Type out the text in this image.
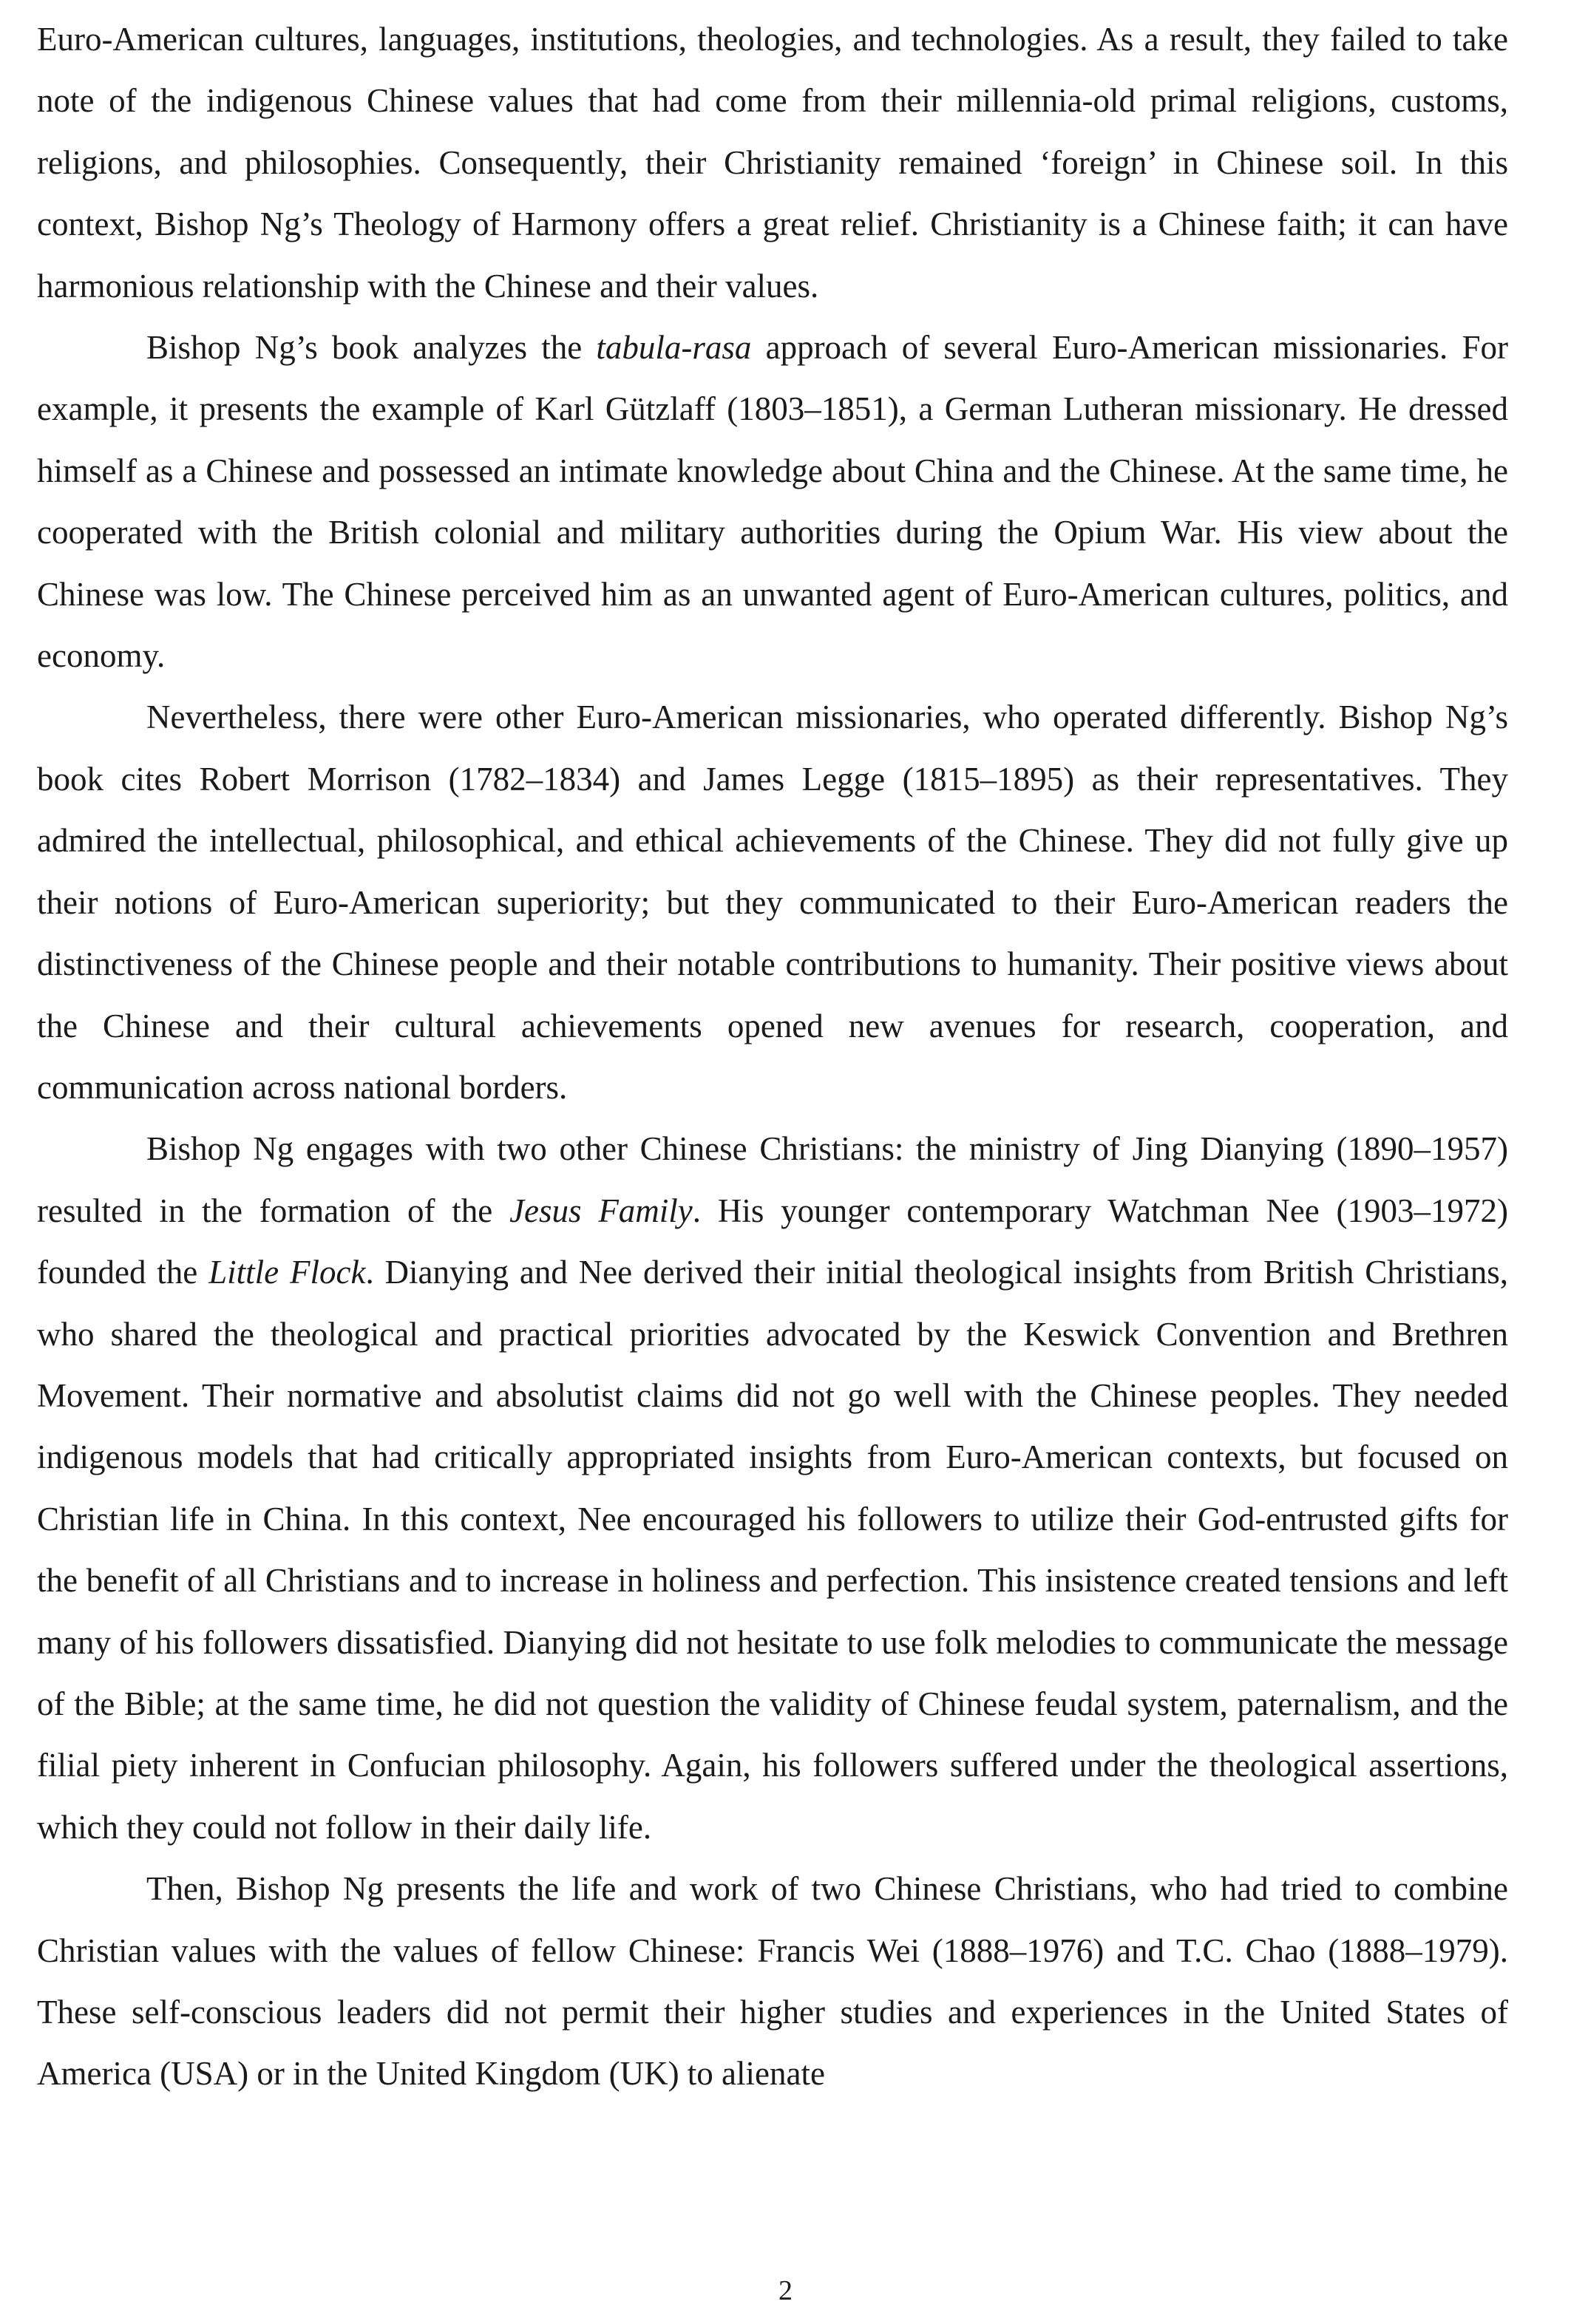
Euro-American cultures, languages, institutions, theologies, and technologies. As a result, they failed to take note of the indigenous Chinese values that had come from their millennia-old primal religions, customs, religions, and philosophies. Consequently, their Christianity remained ‘foreign’ in Chinese soil. In this context, Bishop Ng’s Theology of Harmony offers a great relief. Christianity is a Chinese faith; it can have harmonious relationship with the Chinese and their values.

Bishop Ng’s book analyzes the tabula-rasa approach of several Euro-American missionaries. For example, it presents the example of Karl Gützlaff (1803–1851), a German Lutheran missionary. He dressed himself as a Chinese and possessed an intimate knowledge about China and the Chinese. At the same time, he cooperated with the British colonial and military authorities during the Opium War. His view about the Chinese was low. The Chinese perceived him as an unwanted agent of Euro-American cultures, politics, and economy.

Nevertheless, there were other Euro-American missionaries, who operated differently. Bishop Ng’s book cites Robert Morrison (1782–1834) and James Legge (1815–1895) as their representatives. They admired the intellectual, philosophical, and ethical achievements of the Chinese. They did not fully give up their notions of Euro-American superiority; but they communicated to their Euro-American readers the distinctiveness of the Chinese people and their notable contributions to humanity. Their positive views about the Chinese and their cultural achievements opened new avenues for research, cooperation, and communication across national borders.

Bishop Ng engages with two other Chinese Christians: the ministry of Jing Dianying (1890–1957) resulted in the formation of the Jesus Family. His younger contemporary Watchman Nee (1903–1972) founded the Little Flock. Dianying and Nee derived their initial theological insights from British Christians, who shared the theological and practical priorities advocated by the Keswick Convention and Brethren Movement. Their normative and absolutist claims did not go well with the Chinese peoples. They needed indigenous models that had critically appropriated insights from Euro-American contexts, but focused on Christian life in China. In this context, Nee encouraged his followers to utilize their God-entrusted gifts for the benefit of all Christians and to increase in holiness and perfection. This insistence created tensions and left many of his followers dissatisfied. Dianying did not hesitate to use folk melodies to communicate the message of the Bible; at the same time, he did not question the validity of Chinese feudal system, paternalism, and the filial piety inherent in Confucian philosophy. Again, his followers suffered under the theological assertions, which they could not follow in their daily life.

Then, Bishop Ng presents the life and work of two Chinese Christians, who had tried to combine Christian values with the values of fellow Chinese: Francis Wei (1888–1976) and T.C. Chao (1888–1979). These self-conscious leaders did not permit their higher studies and experiences in the United States of America (USA) or in the United Kingdom (UK) to alienate

2
